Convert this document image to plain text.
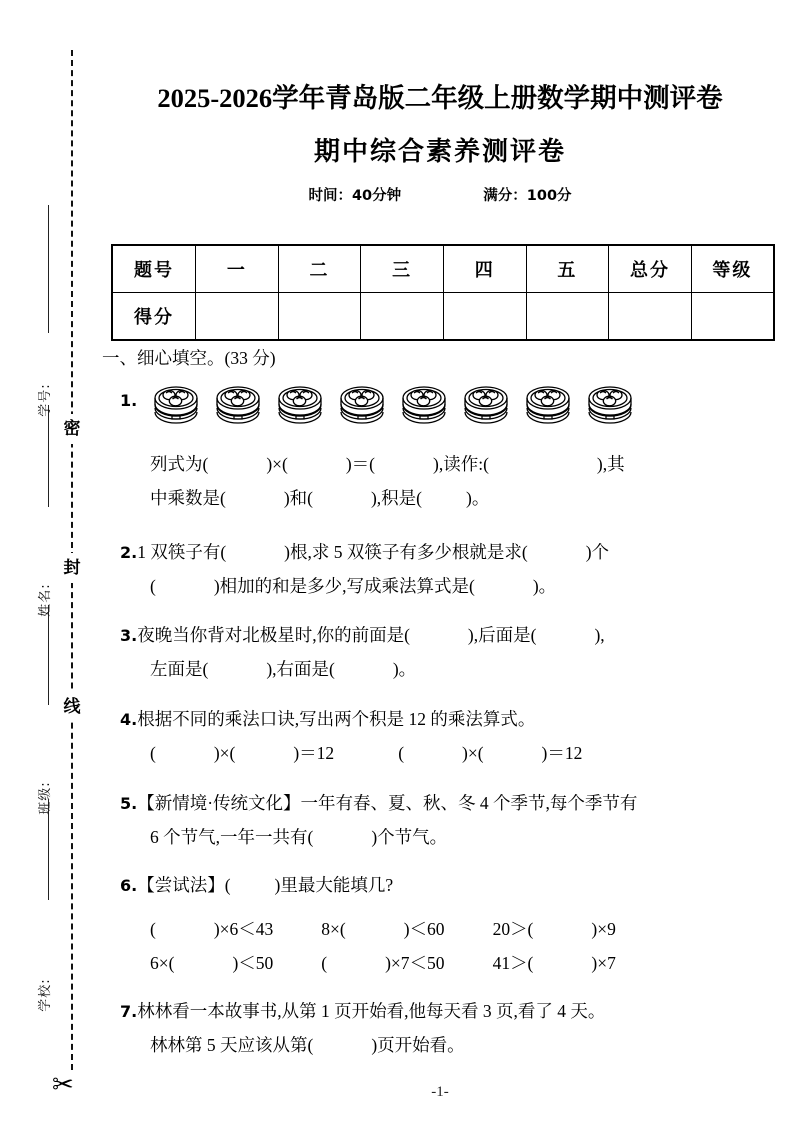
密
封
线
学号:
姓名:
班级:
学校:
✂
2025-2026学年青岛版二年级上册数学期中测评卷
期中综合素养测评卷
时间：40分钟	满分：100分
题号	一	二	三	四	五	总分	等级
得分							
一、细心填空。(33 分)
1.
列式为(	)×(	)＝(	),读作:(	),其
中乘数是(	)和(	),积是(	)。
2.1 双筷子有(	)根,求 5 双筷子有多少根就是求(	)个
(	)相加的和是多少,写成乘法算式是(	)。
3.夜晚当你背对北极星时,你的前面是(	),后面是(	),
左面是(	),右面是(	)。
4.根据不同的乘法口诀,写出两个积是 12 的乘法算式。
(	)×(	)＝12	(	)×(	)＝12
5.【新情境·传统文化】一年有春、夏、秋、冬 4 个季节,每个季节有
6 个节气,一年一共有(	)个节气。
6.【尝试法】(	)里最大能填几?
(	)×6＜43	8×(	)＜60	20＞(	)×9
6×(	)＜50	(	)×7＜50	41＞(	)×7
7.林林看一本故事书,从第 1 页开始看,他每天看 3 页,看了 4 天。
林林第 5 天应该从第(	)页开始看。
-1-
